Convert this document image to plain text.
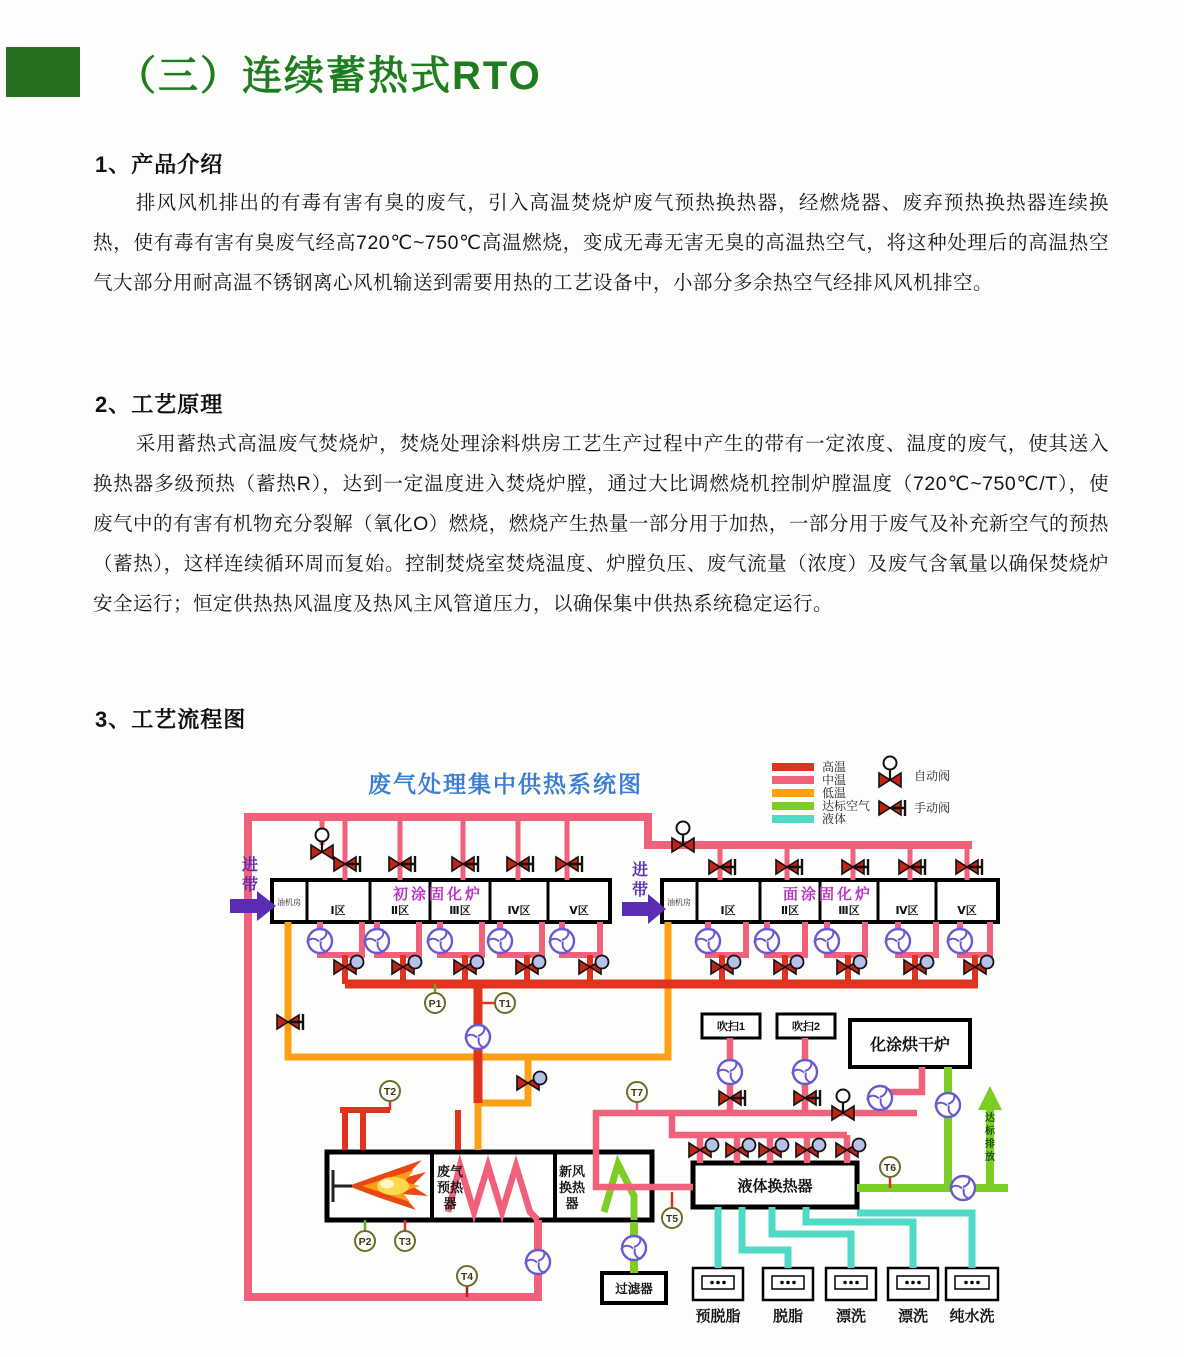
（三）连续蓄热式RTO
1、产品介绍
排风风机排出的有毒有害有臭的废气，引入高温焚烧炉废气预热换热器，经燃烧器、废弃预热换热器连续换热，使有毒有害有臭废气经高720℃~750℃高温燃烧，变成无毒无害无臭的高温热空气，将这种处理后的高温热空气大部分用耐高温不锈钢离心风机输送到需要用热的工艺设备中，小部分多余热空气经排风风机排空。
2、工艺原理
采用蓄热式高温废气焚烧炉，焚烧处理涂料烘房工艺生产过程中产生的带有一定浓度、温度的废气，使其送入换热器多级预热（蓄热R），达到一定温度进入焚烧炉膛，通过大比调燃烧机控制炉膛温度（720℃~750℃/T），使废气中的有害有机物充分裂解（氧化O）燃烧，燃烧产生热量一部分用于加热，一部分用于废气及补充新空气的预热（蓄热），这样连续循环周而复始。控制焚烧室焚烧温度、炉膛负压、废气流量（浓度）及废气含氧量以确保焚烧炉安全运行；恒定供热热风温度及热风主风管道压力，以确保集中供热系统稳定运行。
3、工艺流程图
废气处理集中供热系统图
P1	T1
T2	T7
P2	T3
T4
T5
T6
初涂固化炉
油机房
Ⅰ区	Ⅱ区	Ⅲ区	Ⅳ区	Ⅴ区
面涂固化炉
油机房
Ⅰ区	Ⅱ区	Ⅲ区	Ⅳ区	Ⅴ区
吹扫1	吹扫2
化涂烘干炉
液体换热器
过滤器
废气
预热
器
新风
换热
器
预脱脂 脱脂 漂洗 漂洗 纯水洗
达
标
排
放
进
带
进
带
高温
中温
低温
达标空气
液体
自动阀
手动阀
